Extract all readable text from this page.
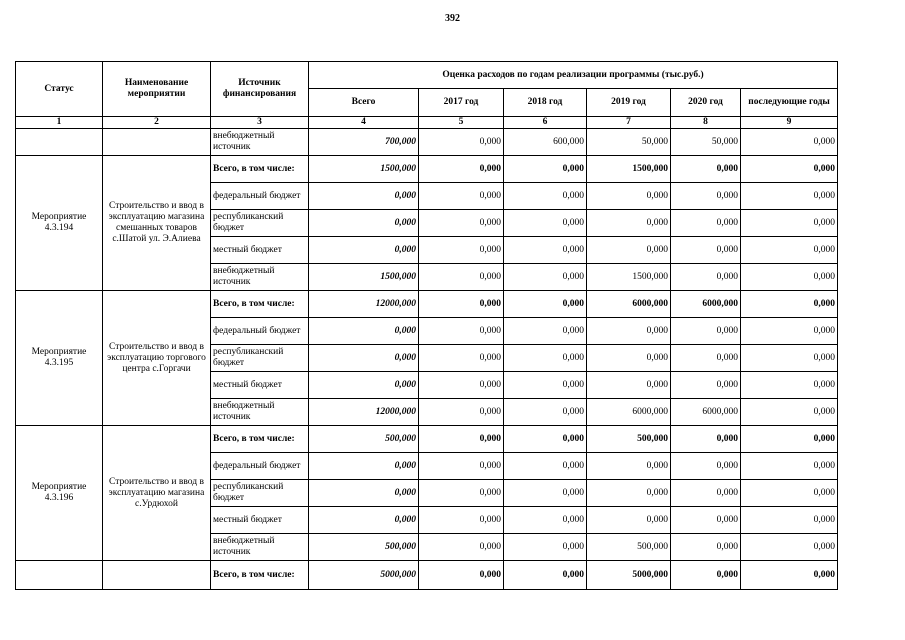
392
Статус	Наименование мероприятии	Источник финансирования	Оценка расходов по годам реализации программы (тыс.руб.)					
			Всего	2017 год	2018 год	2019 год	2020 год	последующие годы
1	2	3	4	5	6	7	8	9
		внебюджетный источник	700,000	0,000	600,000	50,000	50,000	0,000
Мероприятие 4.3.194	Строительство и ввод в эксплуатацию магазина смешанных товаров с.Шатой ул. Э.Алиева	Всего, в том числе:	1500,000	0,000	0,000	1500,000	0,000	0,000
		федеральный бюджет	0,000	0,000	0,000	0,000	0,000	0,000
		республиканский бюджет	0,000	0,000	0,000	0,000	0,000	0,000
		местный бюджет	0,000	0,000	0,000	0,000	0,000	0,000
		внебюджетный источник	1500,000	0,000	0,000	1500,000	0,000	0,000
Мероприятие 4.3.195	Строительство и ввод в эксплуатацию торгового центра с.Горгачи	Всего, в том числе:	12000,000	0,000	0,000	6000,000	6000,000	0,000
		федеральный бюджет	0,000	0,000	0,000	0,000	0,000	0,000
		республиканский бюджет	0,000	0,000	0,000	0,000	0,000	0,000
		местный бюджет	0,000	0,000	0,000	0,000	0,000	0,000
		внебюджетный источник	12000,000	0,000	0,000	6000,000	6000,000	0,000
Мероприятие 4.3.196	Строительство и ввод в эксплуатацию магазина с.Урдюхой	Всего, в том числе:	500,000	0,000	0,000	500,000	0,000	0,000
		федеральный бюджет	0,000	0,000	0,000	0,000	0,000	0,000
		республиканский бюджет	0,000	0,000	0,000	0,000	0,000	0,000
		местный бюджет	0,000	0,000	0,000	0,000	0,000	0,000
		внебюджетный источник	500,000	0,000	0,000	500,000	0,000	0,000
		Всего, в том числе:	5000,000	0,000	0,000	5000,000	0,000	0,000
